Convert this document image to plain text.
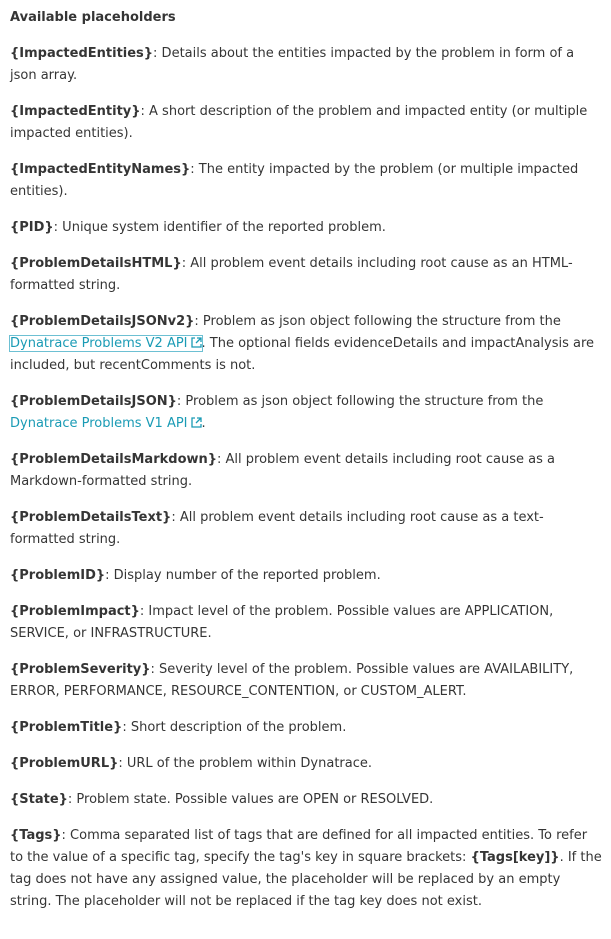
Available placeholders

{ImpactedEntities}: Details about the entities impacted by the problem in form of a json array.

{ImpactedEntity}: A short description of the problem and impacted entity (or multiple impacted entities).

{ImpactedEntityNames}: The entity impacted by the problem (or multiple impacted entities).

{PID}: Unique system identifier of the reported problem.

{ProblemDetailsHTML}: All problem event details including root cause as an HTML-formatted string.

{ProblemDetailsJSONv2}: Problem as json object following the structure from the Dynatrace Problems V2 API . The optional fields evidenceDetails and impactAnalysis are included, but recentComments is not.

{ProblemDetailsJSON}: Problem as json object following the structure from the Dynatrace Problems V1 API .

{ProblemDetailsMarkdown}: All problem event details including root cause as a Markdown-formatted string.

{ProblemDetailsText}: All problem event details including root cause as a text-formatted string.

{ProblemID}: Display number of the reported problem.

{ProblemImpact}: Impact level of the problem. Possible values are APPLICATION, SERVICE, or INFRASTRUCTURE.

{ProblemSeverity}: Severity level of the problem. Possible values are AVAILABILITY, ERROR, PERFORMANCE, RESOURCE_CONTENTION, or CUSTOM_ALERT.

{ProblemTitle}: Short description of the problem.

{ProblemURL}: URL of the problem within Dynatrace.

{State}: Problem state. Possible values are OPEN or RESOLVED.

{Tags}: Comma separated list of tags that are defined for all impacted entities. To refer to the value of a specific tag, specify the tag's key in square brackets: {Tags[key]}. If the tag does not have any assigned value, the placeholder will be replaced by an empty string. The placeholder will not be replaced if the tag key does not exist.
